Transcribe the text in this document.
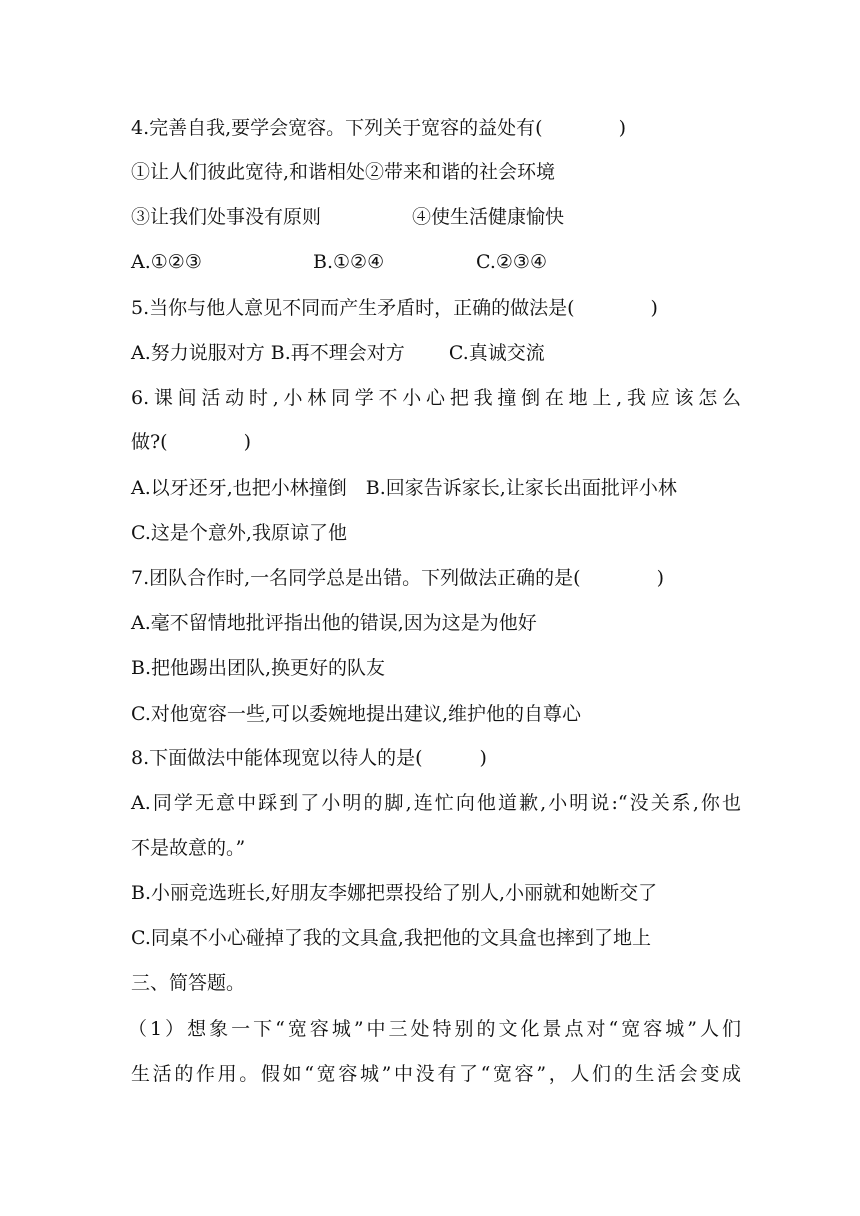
4.完善自我,要学会宽容。下列关于宽容的益处有(　　　　)
①让人们彼此宽待,和谐相处②带来和谐的社会环境
③让我们处事没有原则	④使生活健康愉快
A.①②③	B.①②④	C.②③④
5.当你与他人意见不同而产生矛盾时，正确的做法是(　　　　)
A.努力说服对方 B.再不理会对方　　 C.真诚交流
6.课间活动时,小林同学不小心把我撞倒在地上,我应该怎么
做?(　　　　)
A.以牙还牙,也把小林撞倒　B.回家告诉家长,让家长出面批评小林
C.这是个意外,我原谅了他
7.团队合作时,一名同学总是出错。下列做法正确的是(　　　　)
A.毫不留情地批评指出他的错误,因为这是为他好
B.把他踢出团队,换更好的队友
C.对他宽容一些,可以委婉地提出建议,维护他的自尊心
8.下面做法中能体现宽以待人的是(　　　)
A.同学无意中踩到了小明的脚,连忙向他道歉,小明说:“没关系,你也
不是故意的。”
B.小丽竞选班长,好朋友李娜把票投给了别人,小丽就和她断交了
C.同桌不小心碰掉了我的文具盒,我把他的文具盒也摔到了地上
三、简答题。
（1）想象一下“宽容城”中三处特别的文化景点对“宽容城”人们
生活的作用。假如“宽容城”中没有了“宽容”，人们的生活会变成
